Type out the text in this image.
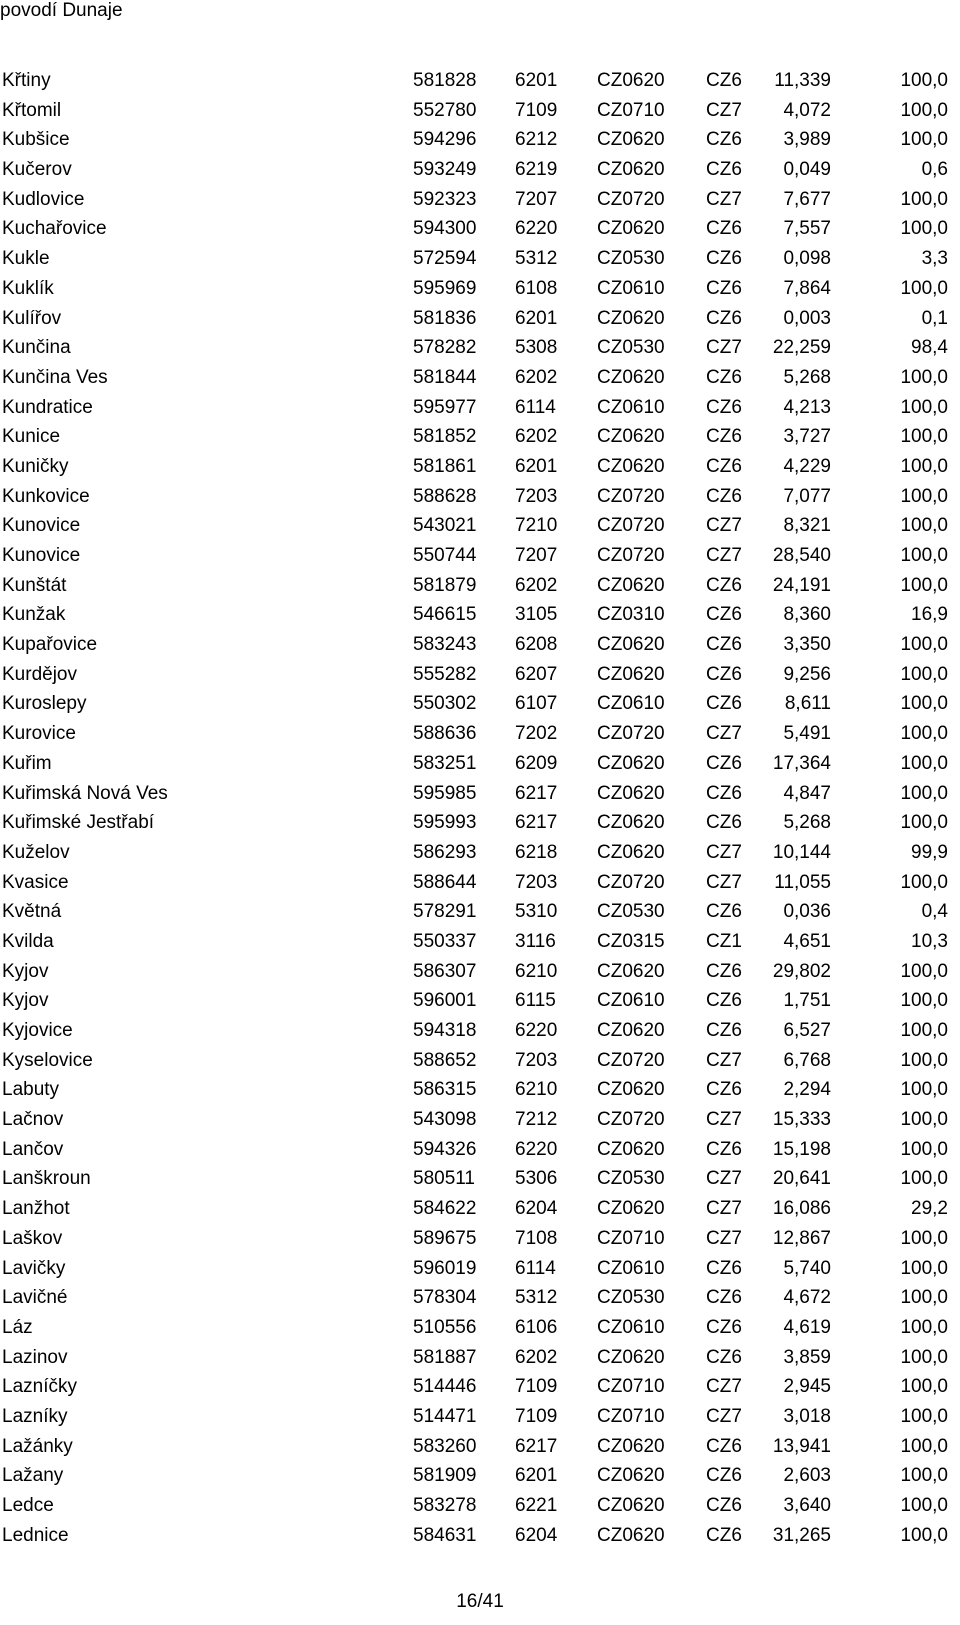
povodí Dunaje
Křtiny	581828 6201 CZ0620 CZ6 11,339	100,0
Křtomil	552780 7109 CZ0710 CZ7 4,072	100,0
Kubšice	594296 6212 CZ0620 CZ6 3,989	100,0
Kučerov	593249 6219 CZ0620 CZ6 0,049	0,6
Kudlovice	592323 7207 CZ0720 CZ7 7,677	100,0
Kuchařovice	594300 6220 CZ0620 CZ6 7,557	100,0
Kukle	572594 5312 CZ0530 CZ6 0,098	3,3
Kuklík	595969 6108 CZ0610 CZ6 7,864	100,0
Kulířov	581836 6201 CZ0620 CZ6 0,003	0,1
Kunčina	578282 5308 CZ0530 CZ7 22,259	98,4
Kunčina Ves	581844 6202 CZ0620 CZ6 5,268	100,0
Kundratice	595977 6114 CZ0610 CZ6 4,213	100,0
Kunice	581852 6202 CZ0620 CZ6 3,727	100,0
Kuničky	581861 6201 CZ0620 CZ6 4,229	100,0
Kunkovice	588628 7203 CZ0720 CZ6 7,077	100,0
Kunovice	543021 7210 CZ0720 CZ7 8,321	100,0
Kunovice	550744 7207 CZ0720 CZ7 28,540	100,0
Kunštát	581879 6202 CZ0620 CZ6 24,191	100,0
Kunžak	546615 3105 CZ0310 CZ6 8,360	16,9
Kupařovice	583243 6208 CZ0620 CZ6 3,350	100,0
Kurdějov	555282 6207 CZ0620 CZ6 9,256	100,0
Kuroslepy	550302 6107 CZ0610 CZ6 8,611	100,0
Kurovice	588636 7202 CZ0720 CZ7 5,491	100,0
Kuřim	583251 6209 CZ0620 CZ6 17,364	100,0
Kuřimská Nová Ves	595985 6217 CZ0620 CZ6 4,847	100,0
Kuřimské Jestřabí	595993 6217 CZ0620 CZ6 5,268	100,0
Kuželov	586293 6218 CZ0620 CZ7 10,144	99,9
Kvasice	588644 7203 CZ0720 CZ7 11,055	100,0
Květná	578291 5310 CZ0530 CZ6 0,036	0,4
Kvilda	550337 3116 CZ0315 CZ1 4,651	10,3
Kyjov	586307 6210 CZ0620 CZ6 29,802	100,0
Kyjov	596001 6115 CZ0610 CZ6 1,751	100,0
Kyjovice	594318 6220 CZ0620 CZ6 6,527	100,0
Kyselovice	588652 7203 CZ0720 CZ7 6,768	100,0
Labuty	586315 6210 CZ0620 CZ6 2,294	100,0
Lačnov	543098 7212 CZ0720 CZ7 15,333	100,0
Lančov	594326 6220 CZ0620 CZ6 15,198	100,0
Lanškroun	580511 5306 CZ0530 CZ7 20,641	100,0
Lanžhot	584622 6204 CZ0620 CZ7 16,086	29,2
Laškov	589675 7108 CZ0710 CZ7 12,867	100,0
Lavičky	596019 6114 CZ0610 CZ6 5,740	100,0
Lavičné	578304 5312 CZ0530 CZ6 4,672	100,0
Láz	510556 6106 CZ0610 CZ6 4,619	100,0
Lazinov	581887 6202 CZ0620 CZ6 3,859	100,0
Lazníčky	514446 7109 CZ0710 CZ7 2,945	100,0
Lazníky	514471 7109 CZ0710 CZ7 3,018	100,0
Lažánky	583260 6217 CZ0620 CZ6 13,941	100,0
Lažany	581909 6201 CZ0620 CZ6 2,603	100,0
Ledce	583278 6221 CZ0620 CZ6 3,640	100,0
Lednice	584631 6204 CZ0620 CZ6 31,265	100,0
16/41
